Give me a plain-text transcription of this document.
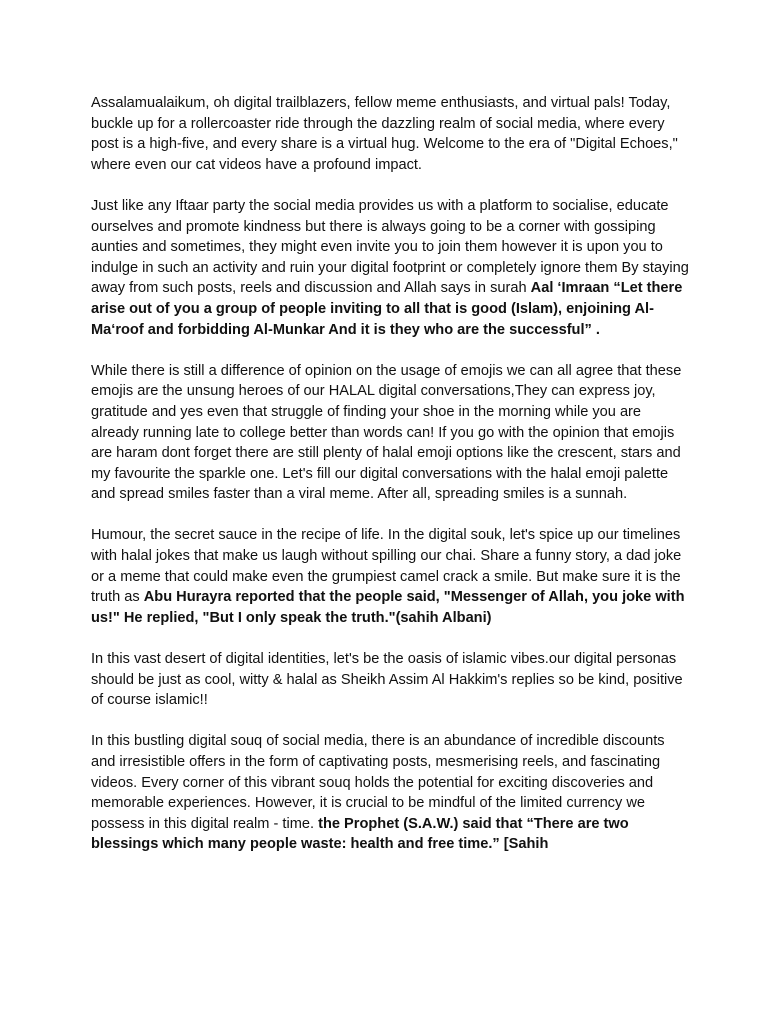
Assalamualaikum, oh digital trailblazers, fellow meme enthusiasts, and virtual pals! Today, buckle up for a rollercoaster ride through the dazzling realm of social media, where every post is a high-five, and every share is a virtual hug. Welcome to the era of "Digital Echoes," where even our cat videos have a profound impact.

Just like any Iftaar party the social media provides us with a platform to socialise, educate ourselves and promote kindness but there is always going to be a corner with gossiping aunties and sometimes, they might even invite you to join them however it is upon you to indulge in such an activity and ruin your digital footprint or completely ignore them By staying away from such posts, reels and discussion and Allah says in surah Aal ‘Imraan “Let there arise out of you a group of people inviting to all that is good (Islam), enjoining Al-Ma‘roof and forbidding Al-Munkar And it is they who are the successful” .

While there is still a difference of opinion on the usage of emojis we can all agree that these emojis are the unsung heroes of our HALAL digital conversations,They can express joy, gratitude and yes even that struggle of finding your shoe in the morning while you are already running late to college better than words can! If you go with the opinion that emojis are haram dont forget there are still plenty of halal emoji options like the crescent, stars and my favourite the sparkle one. Let's fill our digital conversations with the halal emoji palette and spread smiles faster than a viral meme. After all, spreading smiles is a sunnah.

Humour, the secret sauce in the recipe of life. In the digital souk, let's spice up our timelines with halal jokes that make us laugh without spilling our chai. Share a funny story, a dad joke or a meme that could make even the grumpiest camel crack a smile. But make sure it is the truth as Abu Hurayra reported that the people said, "Messenger of Allah, you joke with us!" He replied, "But I only speak the truth."(sahih Albani)

In this vast desert of digital identities, let's be the oasis of islamic vibes.our digital personas should be just as cool, witty & halal as Sheikh Assim Al Hakkim's replies so be kind, positive of course islamic!!

In this bustling digital souq of social media, there is an abundance of incredible discounts and irresistible offers in the form of captivating posts, mesmerising reels, and fascinating videos. Every corner of this vibrant souq holds the potential for exciting discoveries and memorable experiences. However, it is crucial to be mindful of the limited currency we possess in this digital realm - time. the Prophet (S.A.W.) said that “There are two blessings which many people waste: health and free time.” [Sahih
